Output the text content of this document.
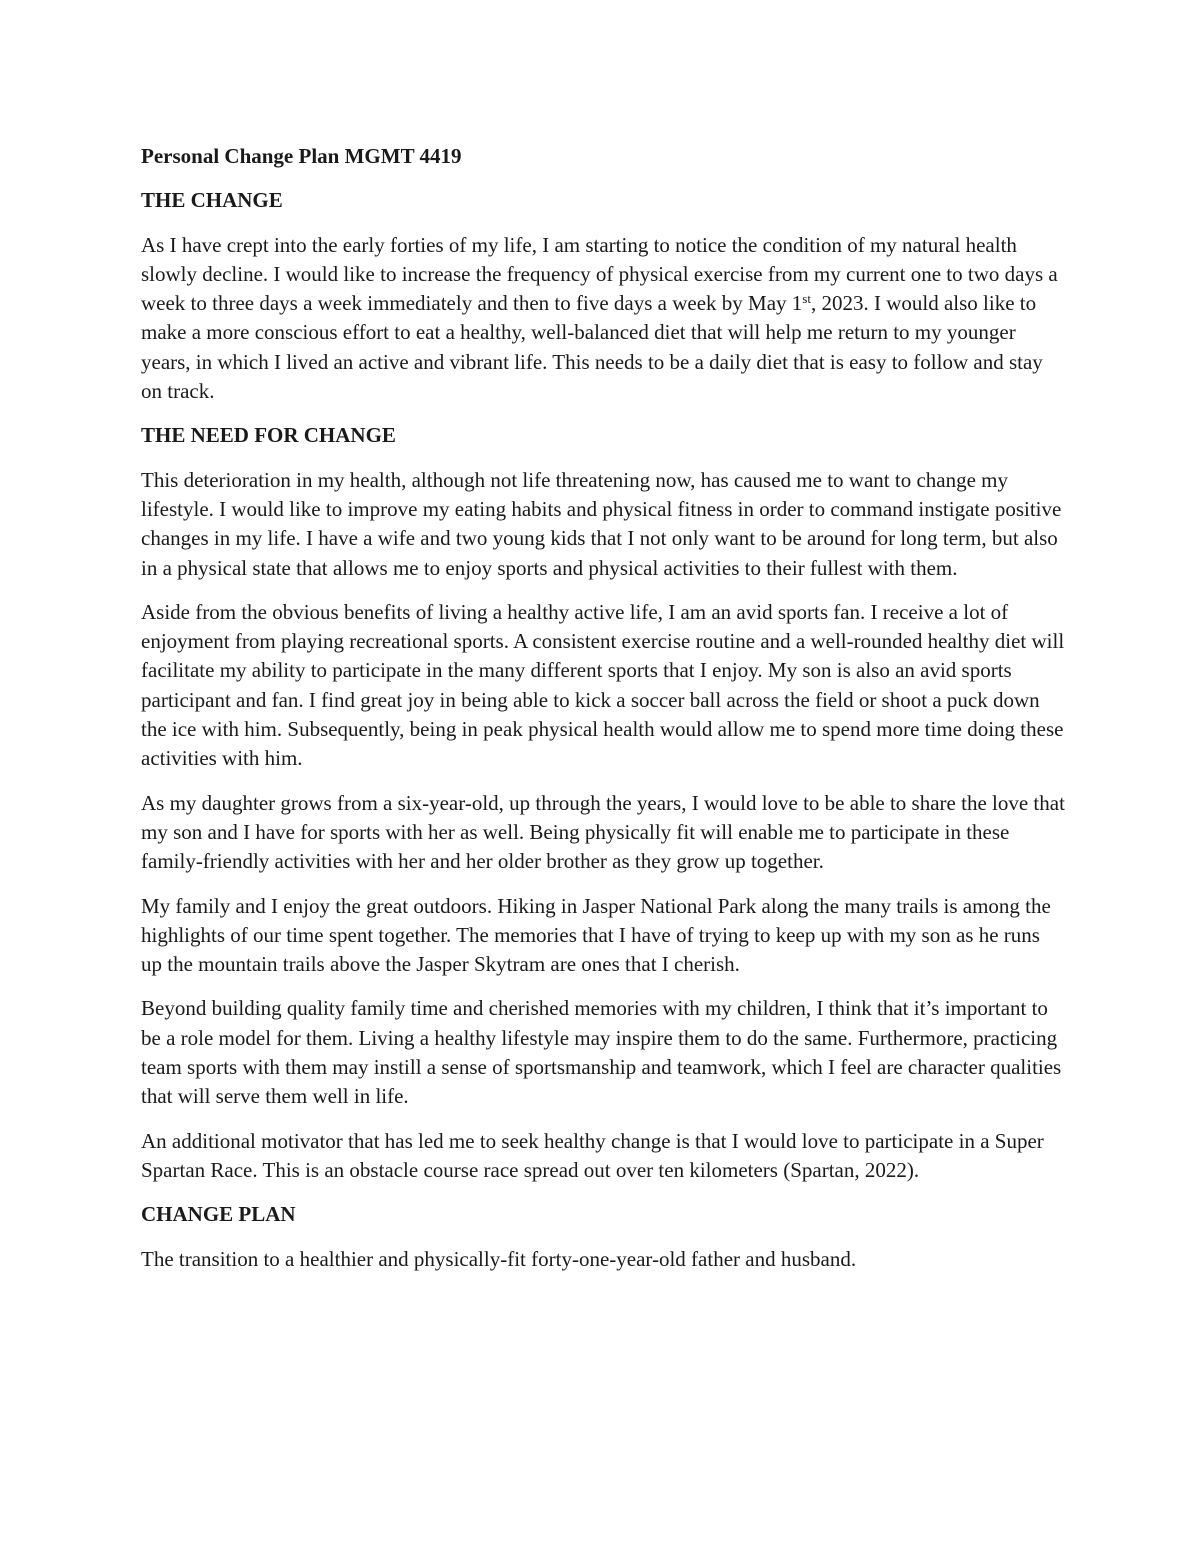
Personal Change Plan MGMT 4419

THE CHANGE

As I have crept into the early forties of my life, I am starting to notice the condition of my natural health slowly decline. I would like to increase the frequency of physical exercise from my current one to two days a week to three days a week immediately and then to five days a week by May 1st, 2023. I would also like to make a more conscious effort to eat a healthy, well-balanced diet that will help me return to my younger years, in which I lived an active and vibrant life. This needs to be a daily diet that is easy to follow and stay on track.

THE NEED FOR CHANGE

This deterioration in my health, although not life threatening now, has caused me to want to change my lifestyle. I would like to improve my eating habits and physical fitness in order to command instigate positive changes in my life. I have a wife and two young kids that I not only want to be around for long term, but also in a physical state that allows me to enjoy sports and physical activities to their fullest with them.

Aside from the obvious benefits of living a healthy active life, I am an avid sports fan. I receive a lot of enjoyment from playing recreational sports. A consistent exercise routine and a well-rounded healthy diet will facilitate my ability to participate in the many different sports that I enjoy. My son is also an avid sports participant and fan. I find great joy in being able to kick a soccer ball across the field or shoot a puck down the ice with him. Subsequently, being in peak physical health would allow me to spend more time doing these activities with him.

As my daughter grows from a six-year-old, up through the years, I would love to be able to share the love that my son and I have for sports with her as well. Being physically fit will enable me to participate in these family-friendly activities with her and her older brother as they grow up together.

My family and I enjoy the great outdoors. Hiking in Jasper National Park along the many trails is among the highlights of our time spent together. The memories that I have of trying to keep up with my son as he runs up the mountain trails above the Jasper Skytram are ones that I cherish.

Beyond building quality family time and cherished memories with my children, I think that it’s important to be a role model for them. Living a healthy lifestyle may inspire them to do the same. Furthermore, practicing team sports with them may instill a sense of sportsmanship and teamwork, which I feel are character qualities that will serve them well in life.

An additional motivator that has led me to seek healthy change is that I would love to participate in a Super Spartan Race. This is an obstacle course race spread out over ten kilometers (Spartan, 2022).

CHANGE PLAN

The transition to a healthier and physically-fit forty-one-year-old father and husband.
